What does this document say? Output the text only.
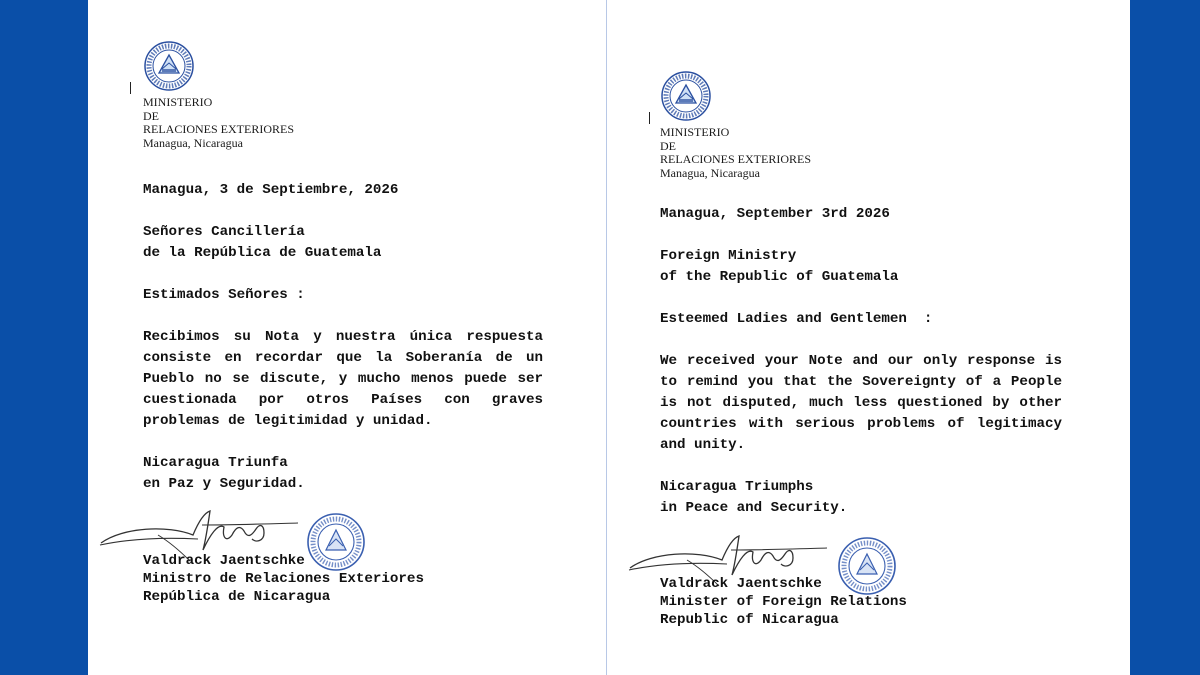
MINISTERIO
DE
RELACIONES EXTERIORES
Managua, Nicaragua
Managua, 3 de Septiembre, 2026
Señores Cancillería
de la República de Guatemala
Estimados Señores :
Recibimos su Nota y nuestra única respuesta consiste en recordar que la Soberanía de un Pueblo no se discute, y mucho menos puede ser cuestionada por otros Países con graves problemas de legitimidad y unidad.
Nicaragua Triunfa
en Paz y Seguridad.
Valdrack Jaentschke
Ministro de Relaciones Exteriores
República de Nicaragua
MINISTERIO
DE
RELACIONES EXTERIORES
Managua, Nicaragua
Managua, September 3rd 2026
Foreign Ministry
of the Republic of Guatemala
Esteemed Ladies and Gentlemen  :
We received your Note and our only response is to remind you that the Sovereignty of a People is not disputed, much less questioned by other countries with serious problems of legitimacy and unity.
Nicaragua Triumphs
in Peace and Security.
Valdrack Jaentschke
Minister of Foreign Relations
Republic of Nicaragua
